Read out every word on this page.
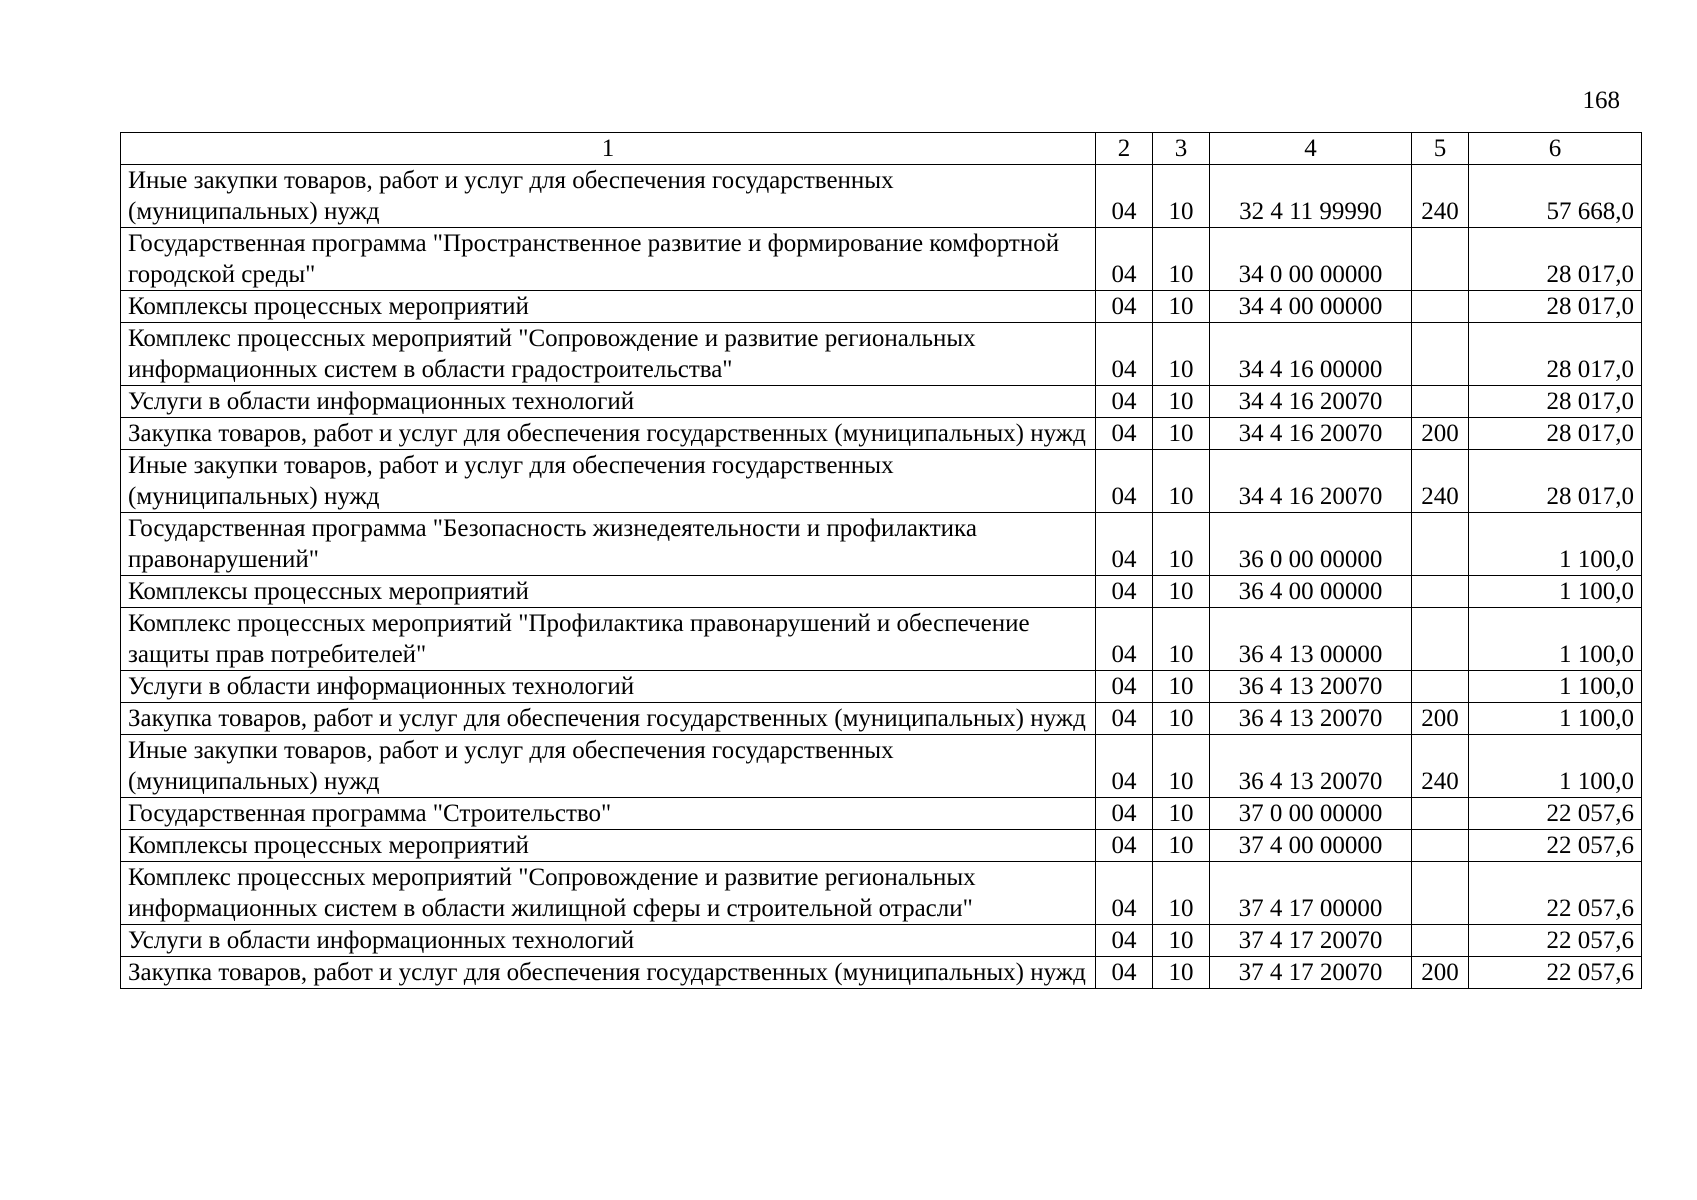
168
1	2	3	4	5	6
Иные закупки товаров, работ и услуг для обеспечения государственных (муниципальных) нужд	04	10	32 4 11 99990	240	57 668,0
Государственная программа "Пространственное развитие и формирование комфортной городской среды"	04	10	34 0 00 00000		28 017,0
Комплексы процессных мероприятий	04	10	34 4 00 00000		28 017,0
Комплекс процессных мероприятий "Сопровождение и развитие региональных информационных систем в области градостроительства"	04	10	34 4 16 00000		28 017,0
Услуги в области информационных технологий	04	10	34 4 16 20070		28 017,0
Закупка товаров, работ и услуг для обеспечения государственных (муниципальных) нужд	04	10	34 4 16 20070	200	28 017,0
Иные закупки товаров, работ и услуг для обеспечения государственных (муниципальных) нужд	04	10	34 4 16 20070	240	28 017,0
Государственная программа "Безопасность жизнедеятельности и профилактика правонарушений"	04	10	36 0 00 00000		1 100,0
Комплексы процессных мероприятий	04	10	36 4 00 00000		1 100,0
Комплекс процессных мероприятий "Профилактика правонарушений и обеспечение защиты прав потребителей"	04	10	36 4 13 00000		1 100,0
Услуги в области информационных технологий	04	10	36 4 13 20070		1 100,0
Закупка товаров, работ и услуг для обеспечения государственных (муниципальных) нужд	04	10	36 4 13 20070	200	1 100,0
Иные закупки товаров, работ и услуг для обеспечения государственных (муниципальных) нужд	04	10	36 4 13 20070	240	1 100,0
Государственная программа "Строительство"	04	10	37 0 00 00000		22 057,6
Комплексы процессных мероприятий	04	10	37 4 00 00000		22 057,6
Комплекс процессных мероприятий "Сопровождение и развитие региональных информационных систем в области жилищной сферы и строительной отрасли"	04	10	37 4 17 00000		22 057,6
Услуги в области информационных технологий	04	10	37 4 17 20070		22 057,6
Закупка товаров, работ и услуг для обеспечения государственных (муниципальных) нужд	04	10	37 4 17 20070	200	22 057,6
